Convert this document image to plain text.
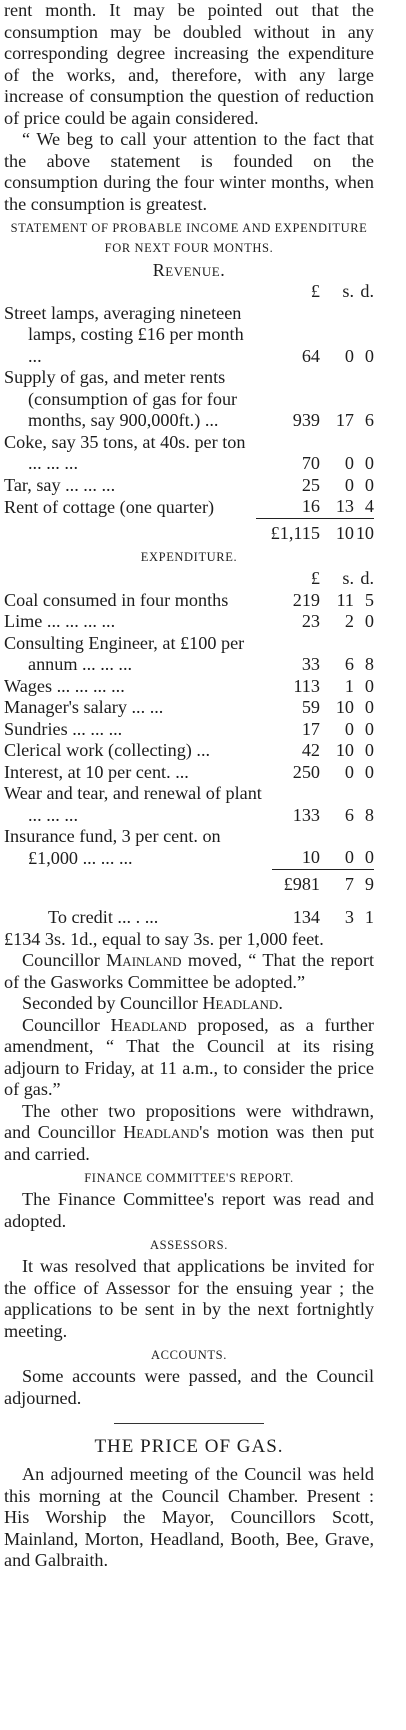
rent month. It may be pointed out that the consumption may be doubled without in any corresponding degree increasing the expenditure of the works, and, therefore, with any large increase of consumption the question of reduction of price could be again considered.

“ We beg to call your attention to the fact that the above statement is founded on the consumption during the four winter months, when the consumption is greatest.

STATEMENT OF PROBABLE INCOME AND EXPENDITURE FOR NEXT FOUR MONTHS.
Revenue.
	£	s.	d.
Street lamps, averaging nineteen lamps, costing £16 per month ...	64	0	0

Supply of gas, and meter rents (consumption of gas for four months, say 900,000ft.) ...	939	17	6

Coke, say 35 tons, at 40s. per ton ... ... ...	70	0	0

Tar, say ... ... ...	25	0	0

Rent of cottage (one quarter)	16	13	4
	£1,115	10	10
EXPENDITURE.
	£	s.	d.

Coal consumed in four months	219	11	5

Lime ... ... ... ...	23	2	0

Consulting Engineer, at £100 per annum ... ... ...	33	6	8

Wages ... ... ... ...	113	1	0

Manager's salary ... ...	59	10	0

Sundries ... ... ...	17	0	0

Clerical work (collecting) ...	42	10	0

Interest, at 10 per cent. ...	250	0	0

Wear and tear, and renewal of plant ... ... ...	133	6	8

Insurance fund, 3 per cent. on £1,000 ... ... ...	10	0	0
	£981	7	9
To credit ... . ...	134	3	1

£134 3s. 1d., equal to say 3s. per 1,000 feet.

Councillor Mainland moved, “ That the report of the Gasworks Committee be adopted.”

Seconded by Councillor Headland.

Councillor Headland proposed, as a further amendment, “ That the Council at its rising adjourn to Friday, at 11 a.m., to consider the price of gas.”

The other two propositions were withdrawn, and Councillor Headland's motion was then put and carried.

FINANCE COMMITTEE'S REPORT.

The Finance Committee's report was read and adopted.

ASSESSORS.

It was resolved that applications be invited for the office of Assessor for the ensuing year ; the applications to be sent in by the next fortnightly meeting.

ACCOUNTS.

Some accounts were passed, and the Council adjourned.

THE PRICE OF GAS.

An adjourned meeting of the Council was held this morning at the Council Chamber. Present : His Worship the Mayor, Councillors Scott, Mainland, Morton, Headland, Booth, Bee, Grave, and Galbraith.
